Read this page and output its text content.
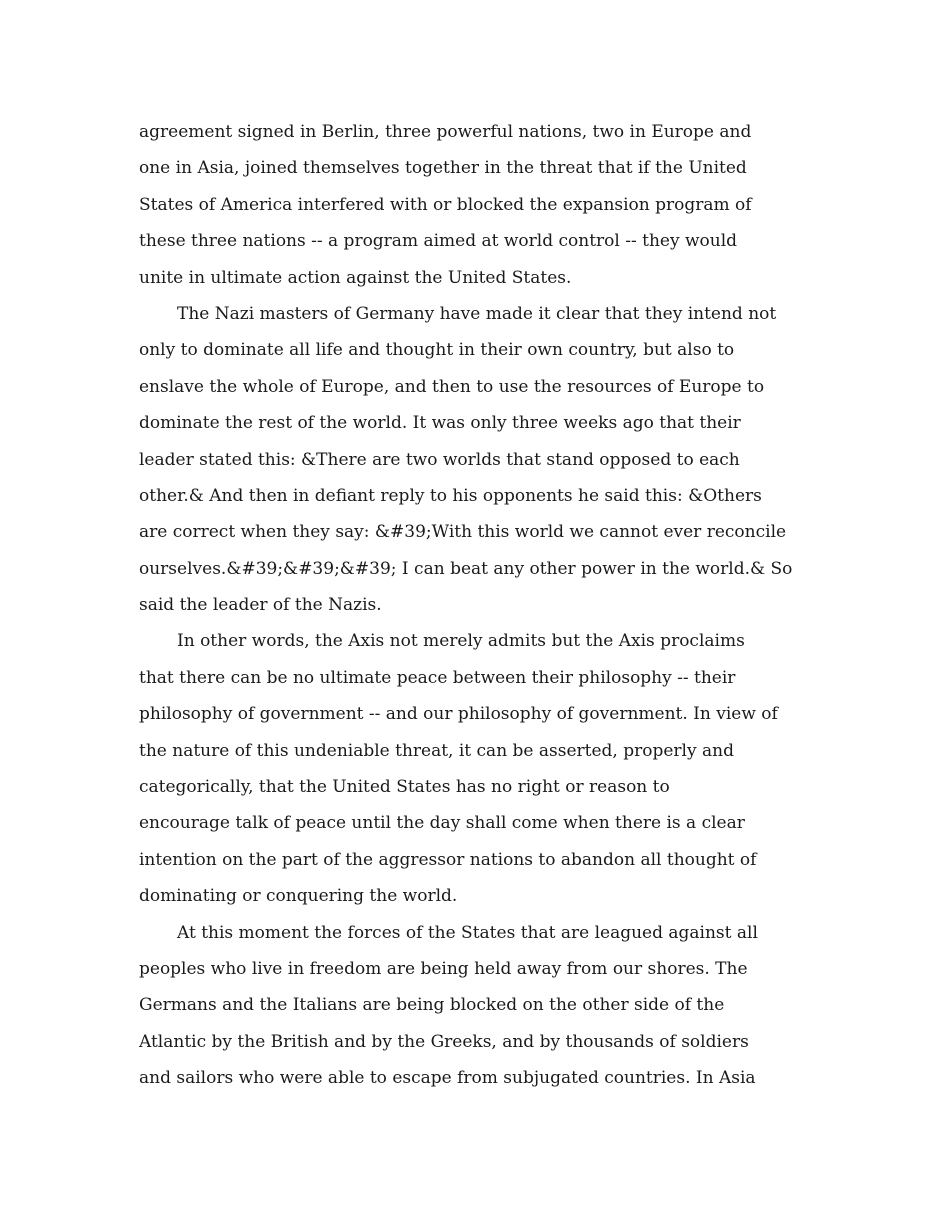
agreement signed in Berlin, three powerful nations, two in Europe and
one in Asia, joined themselves together in the threat that if the United
States of America interfered with or blocked the expansion program of
these three nations -- a program aimed at world control -- they would
unite in ultimate action against the United States.
The Nazi masters of Germany have made it clear that they intend not
only to dominate all life and thought in their own country, but also to
enslave the whole of Europe, and then to use the resources of Europe to
dominate the rest of the world. It was only three weeks ago that their
leader stated this: &There are two worlds that stand opposed to each
other.& And then in defiant reply to his opponents he said this: &Others
are correct when they say: &#39;With this world we cannot ever reconcile
ourselves.&#39;&#39;&#39; I can beat any other power in the world.& So
said the leader of the Nazis.
In other words, the Axis not merely admits but the Axis proclaims
that there can be no ultimate peace between their philosophy -- their
philosophy of government -- and our philosophy of government. In view of
the nature of this undeniable threat, it can be asserted, properly and
categorically, that the United States has no right or reason to
encourage talk of peace until the day shall come when there is a clear
intention on the part of the aggressor nations to abandon all thought of
dominating or conquering the world.
At this moment the forces of the States that are leagued against all
peoples who live in freedom are being held away from our shores. The
Germans and the Italians are being blocked on the other side of the
Atlantic by the British and by the Greeks, and by thousands of soldiers
and sailors who were able to escape from subjugated countries. In Asia
